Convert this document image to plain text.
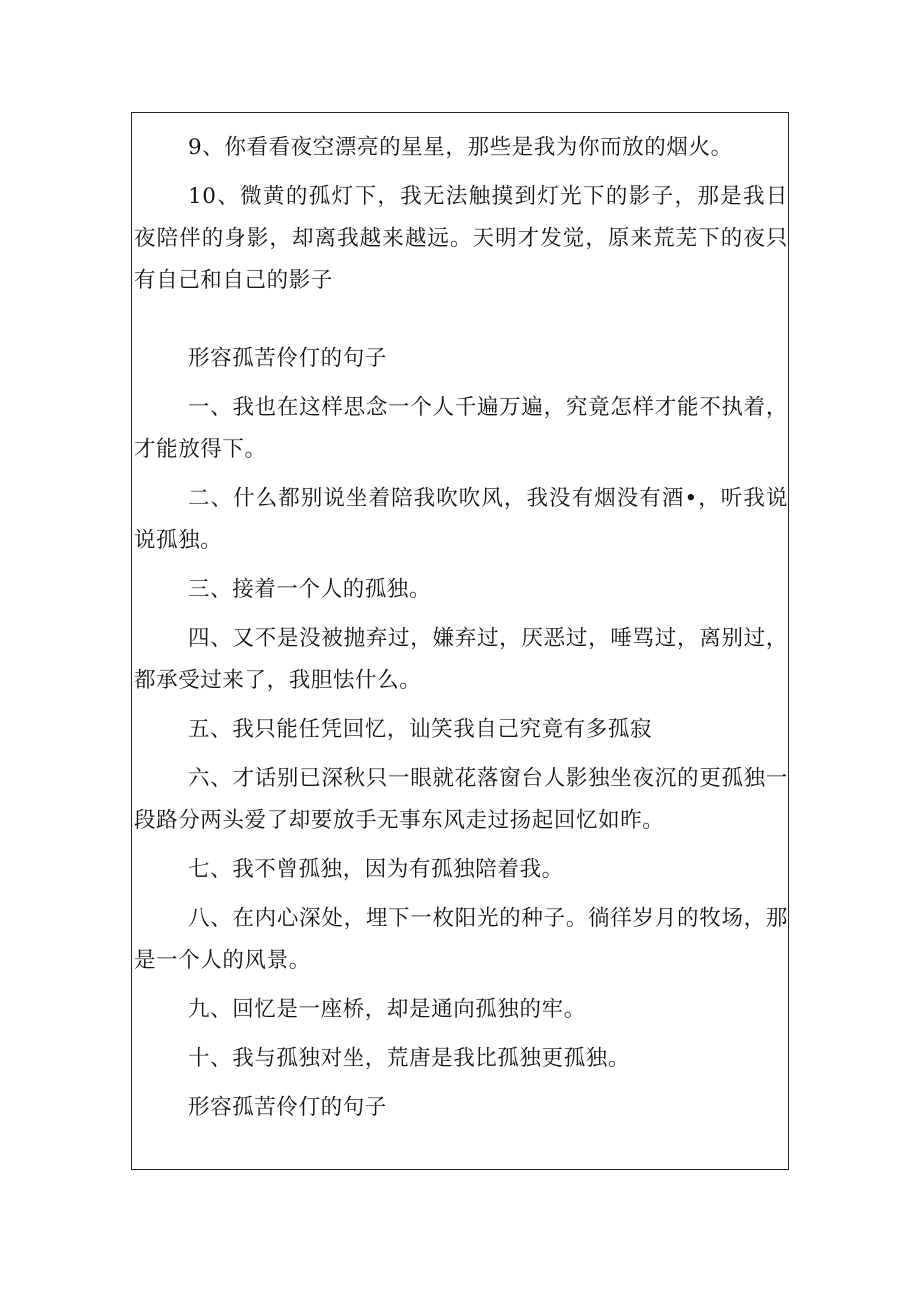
9、你看看夜空漂亮的星星，那些是我为你而放的烟火。

10、微黄的孤灯下，我无法触摸到灯光下的影子，那是我日夜陪伴的身影，却离我越来越远。天明才发觉，原来荒芜下的夜只有自己和自己的影子

形容孤苦伶仃的句子

一、我也在这样思念一个人千遍万遍，究竟怎样才能不执着，才能放得下。

二、什么都别说坐着陪我吹吹风，我没有烟没有酒•，听我说说孤独。

三、接着一个人的孤独。

四、又不是没被抛弃过，嫌弃过，厌恶过，唾骂过，离别过，都承受过来了，我胆怯什么。

五、我只能任凭回忆，讪笑我自己究竟有多孤寂

六、才话别已深秋只一眼就花落窗台人影独坐夜沉的更孤独一段路分两头爱了却要放手无事东风走过扬起回忆如昨。

七、我不曾孤独，因为有孤独陪着我。

八、在内心深处，埋下一枚阳光的种子。徜徉岁月的牧场，那是一个人的风景。

九、回忆是一座桥，却是通向孤独的牢。

十、我与孤独对坐，荒唐是我比孤独更孤独。

形容孤苦伶仃的句子
